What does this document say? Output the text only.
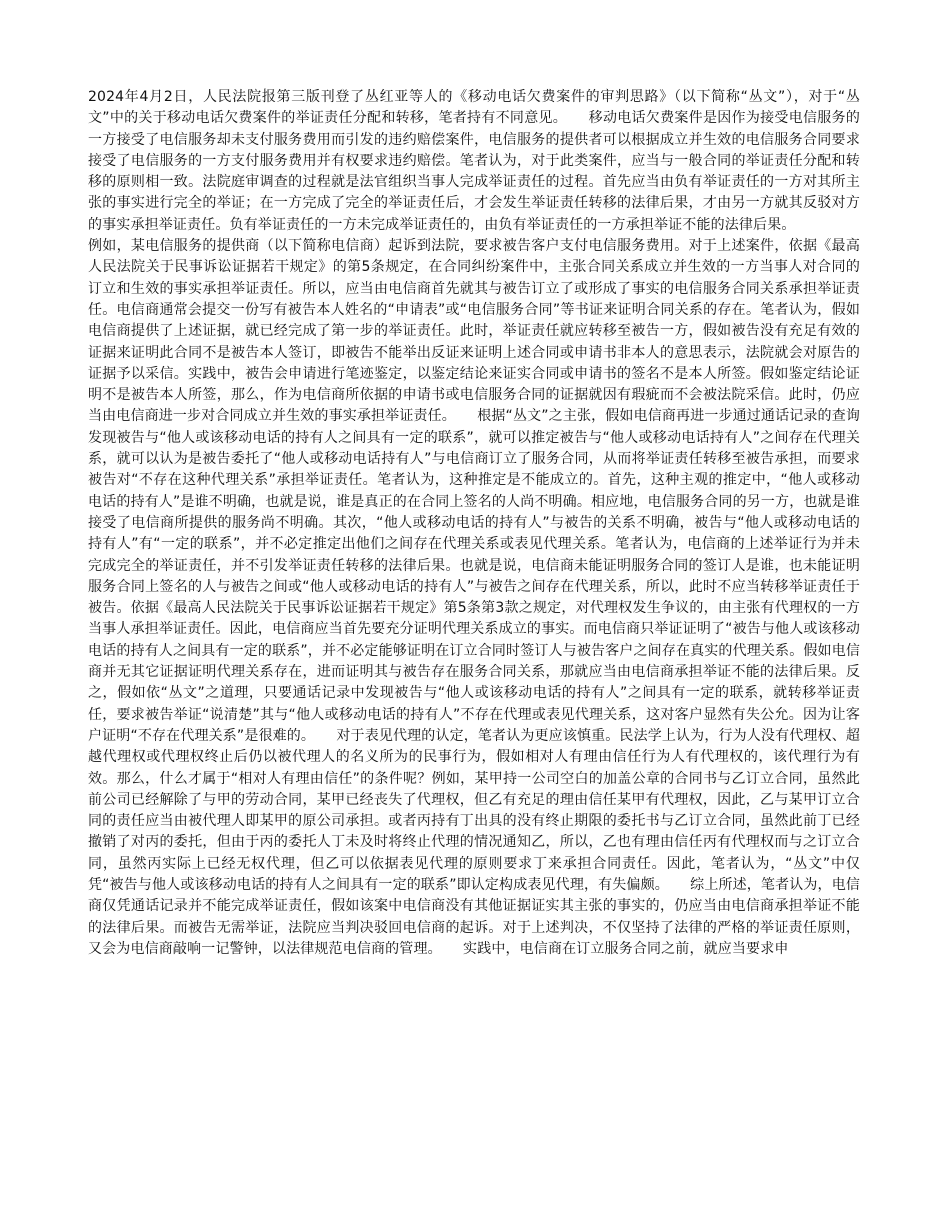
2024年4月2日，人民法院报第三版刊登了丛红亚等人的《移动电话欠费案件的审判思路》（以下简称“丛文”），对于“丛文”中的关于移动电话欠费案件的举证责任分配和转移，笔者持有不同意见。　　移动电话欠费案件是因作为接受电信服务的一方接受了电信服务却未支付服务费用而引发的违约赔偿案件，电信服务的提供者可以根据成立并生效的电信服务合同要求接受了电信服务的一方支付服务费用并有权要求违约赔偿。笔者认为，对于此类案件，应当与一般合同的举证责任分配和转移的原则相一致。法院庭审调查的过程就是法官组织当事人完成举证责任的过程。首先应当由负有举证责任的一方对其所主张的事实进行完全的举证；在一方完成了完全的举证责任后，才会发生举证责任转移的法律后果，才由另一方就其反驳对方的事实承担举证责任。负有举证责任的一方未完成举证责任的，由负有举证责任的一方承担举证不能的法律后果。

例如，某电信服务的提供商（以下简称电信商）起诉到法院，要求被告客户支付电信服务费用。对于上述案件，依据《最高人民法院关于民事诉讼证据若干规定》的第5条规定，在合同纠纷案件中，主张合同关系成立并生效的一方当事人对合同的订立和生效的事实承担举证责任。所以，应当由电信商首先就其与被告订立了或形成了事实的电信服务合同关系承担举证责任。电信商通常会提交一份写有被告本人姓名的“申请表”或“电信服务合同”等书证来证明合同关系的存在。笔者认为，假如电信商提供了上述证据，就已经完成了第一步的举证责任。此时，举证责任就应转移至被告一方，假如被告没有充足有效的证据来证明此合同不是被告本人签订，即被告不能举出反证来证明上述合同或申请书非本人的意思表示，法院就会对原告的证据予以采信。实践中，被告会申请进行笔迹鉴定，以鉴定结论来证实合同或申请书的签名不是本人所签。假如鉴定结论证明不是被告本人所签，那么，作为电信商所依据的申请书或电信服务合同的证据就因有瑕疵而不会被法院采信。此时，仍应当由电信商进一步对合同成立并生效的事实承担举证责任。　　根据“丛文”之主张，假如电信商再进一步通过通话记录的查询发现被告与“他人或该移动电话的持有人之间具有一定的联系”，就可以推定被告与“他人或移动电话持有人”之间存在代理关系，就可以认为是被告委托了“他人或移动电话持有人”与电信商订立了服务合同，从而将举证责任转移至被告承担，而要求被告对“不存在这种代理关系”承担举证责任。笔者认为，这种推定是不能成立的。首先，这种主观的推定中，“他人或移动电话的持有人”是谁不明确，也就是说，谁是真正的在合同上签名的人尚不明确。相应地，电信服务合同的另一方，也就是谁接受了电信商所提供的服务尚不明确。其次，“他人或移动电话的持有人”与被告的关系不明确，被告与“他人或移动电话的持有人”有“一定的联系”，并不必定推定出他们之间存在代理关系或表见代理关系。笔者认为，电信商的上述举证行为并未完成完全的举证责任，并不引发举证责任转移的法律后果。也就是说，电信商未能证明服务合同的签订人是谁，也未能证明服务合同上签名的人与被告之间或“他人或移动电话的持有人”与被告之间存在代理关系，所以，此时不应当转移举证责任于被告。依据《最高人民法院关于民事诉讼证据若干规定》第5条第3款之规定，对代理权发生争议的，由主张有代理权的一方当事人承担举证责任。因此，电信商应当首先要充分证明代理关系成立的事实。而电信商只举证证明了“被告与他人或该移动电话的持有人之间具有一定的联系”，并不必定能够证明在订立合同时签订人与被告客户之间存在真实的代理关系。假如电信商并无其它证据证明代理关系存在，进而证明其与被告存在服务合同关系，那就应当由电信商承担举证不能的法律后果。反之，假如依“丛文”之道理，只要通话记录中发现被告与“他人或该移动电话的持有人”之间具有一定的联系，就转移举证责任，要求被告举证“说清楚”其与“他人或移动电话的持有人”不存在代理或表见代理关系，这对客户显然有失公允。因为让客户证明“不存在代理关系”是很难的。　　对于表见代理的认定，笔者认为更应该慎重。民法学上认为，行为人没有代理权、超越代理权或代理权终止后仍以被代理人的名义所为的民事行为，假如相对人有理由信任行为人有代理权的，该代理行为有效。那么，什么才属于“相对人有理由信任”的条件呢？例如，某甲持一公司空白的加盖公章的合同书与乙订立合同，虽然此前公司已经解除了与甲的劳动合同，某甲已经丧失了代理权，但乙有充足的理由信任某甲有代理权，因此，乙与某甲订立合同的责任应当由被代理人即某甲的原公司承担。或者丙持有丁出具的没有终止期限的委托书与乙订立合同，虽然此前丁已经撤销了对丙的委托，但由于丙的委托人丁未及时将终止代理的情况通知乙，所以，乙也有理由信任丙有代理权而与之订立合同，虽然丙实际上已经无权代理，但乙可以依据表见代理的原则要求丁来承担合同责任。因此，笔者认为，“丛文”中仅凭“被告与他人或该移动电话的持有人之间具有一定的联系”即认定构成表见代理，有失偏颇。　　综上所述，笔者认为，电信商仅凭通话记录并不能完成举证责任，假如该案中电信商没有其他证据证实其主张的事实的，仍应当由电信商承担举证不能的法律后果。而被告无需举证，法院应当判决驳回电信商的起诉。对于上述判决，不仅坚持了法律的严格的举证责任原则，又会为电信商敲响一记警钟，以法律规范电信商的管理。　　实践中，电信商在订立服务合同之前，就应当要求申
